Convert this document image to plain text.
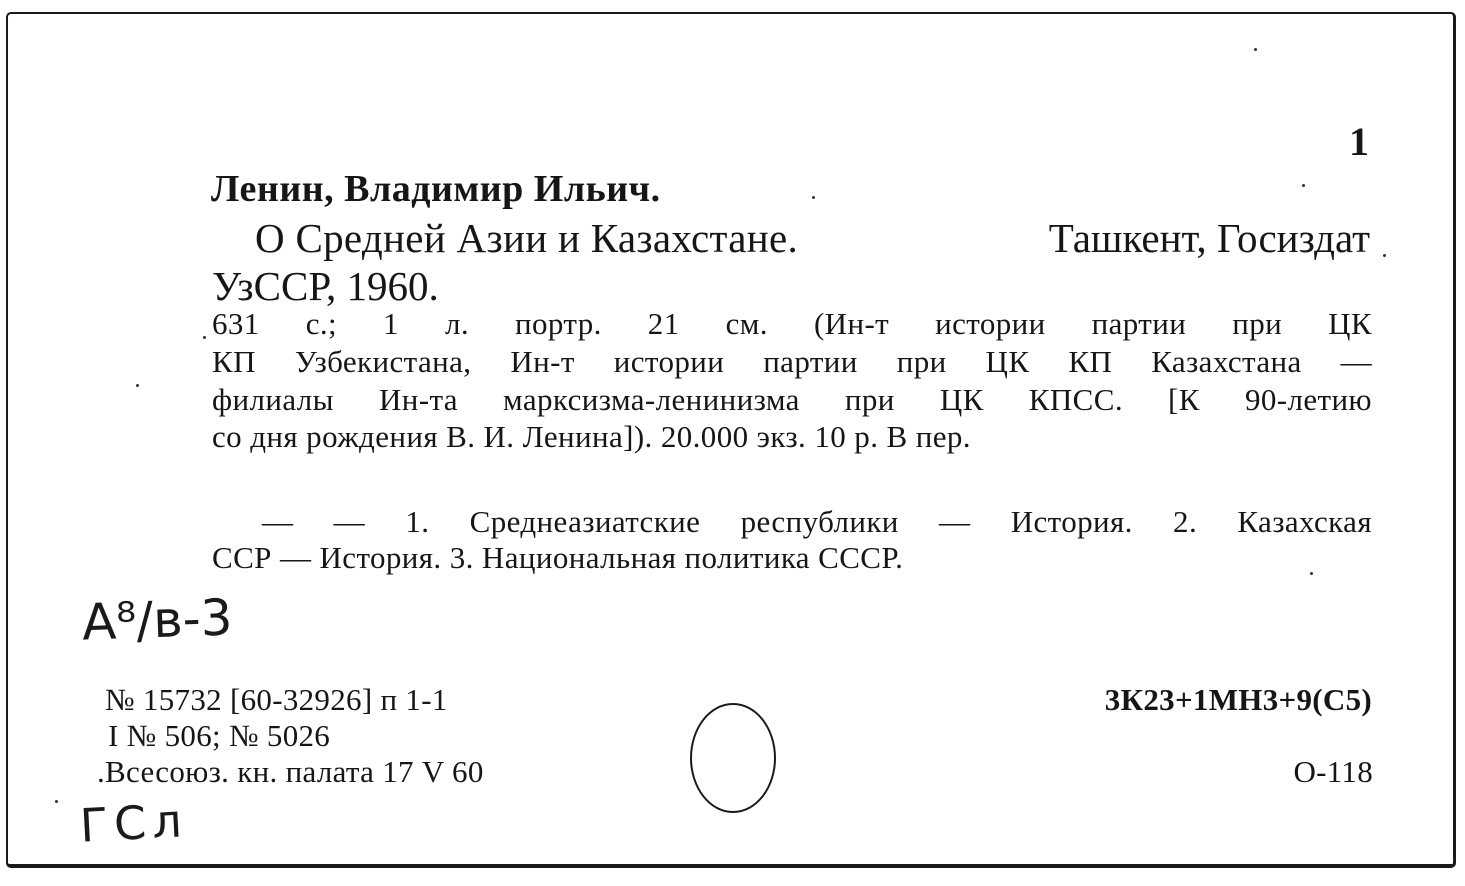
1

Ленин, Владимир Ильич.

О Средней Азии и Казахстане.	Ташкент, Госиздат

УзССР, 1960.

631 с.; 1 л. портр. 21 см. (Ин-т истории партии при ЦК

КП Узбекистана, Ин-т истории партии при ЦК КП Казахстана —

филиалы Ин-та марксизма-ленинизма при ЦК КПСС. [К 90-летию

со дня рождения В. И. Ленина]). 20.000 экз. 10 р. В пер.

— — 1. Среднеазиатские республики — История. 2. Казахская

ССР — История. 3. Национальная политика СССР.

A⁸/в-3

№ 15732 [60-32926] п 1-1

I № 506; № 5026

.Всесоюз. кн. палата 17 V 60

3К23+1МН3+9(С5)

О-118

ГСл
